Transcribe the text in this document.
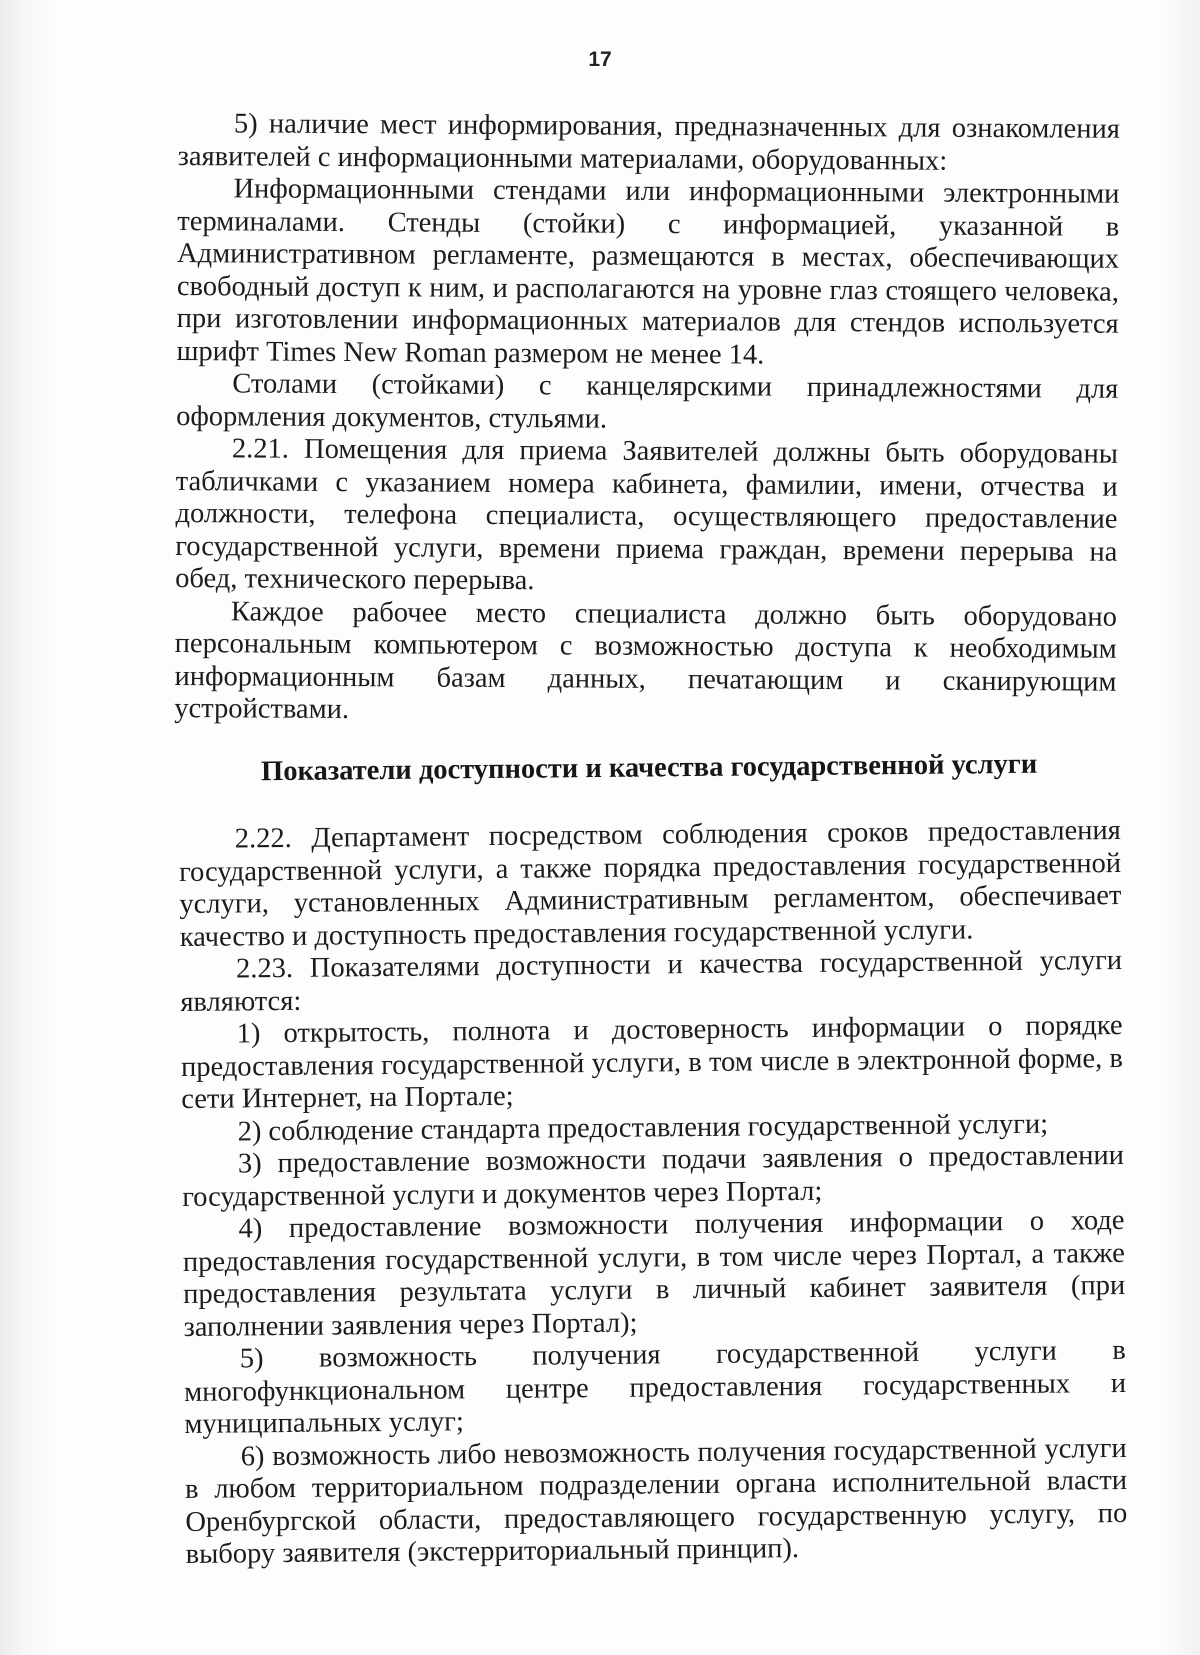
17

5) наличие мест информирования, предназначенных для ознакомления заявителей с информационными материалами, оборудованных:

Информационными стендами или информационными электронными терминалами. Стенды (стойки) с информацией, указанной в Административном регламенте, размещаются в местах, обеспечивающих свободный доступ к ним, и располагаются на уровне глаз стоящего человека, при изготовлении информационных материалов для стендов используется шрифт Times New Roman размером не менее 14.

Столами (стойками) с канцелярскими принадлежностями для оформления документов, стульями.

2.21. Помещения для приема Заявителей должны быть оборудованы табличками с указанием номера кабинета, фамилии, имени, отчества и должности, телефона специалиста, осуществляющего предоставление государственной услуги, времени приема граждан, времени перерыва на обед, технического перерыва.

Каждое рабочее место специалиста должно быть оборудовано персональным компьютером с возможностью доступа к необходимым информационным базам данных, печатающим и сканирующим устройствами.

Показатели доступности и качества государственной услуги

2.22. Департамент посредством соблюдения сроков предоставления государственной услуги, а также порядка предоставления государственной услуги, установленных Административным регламентом, обеспечивает качество и доступность предоставления государственной услуги.

2.23. Показателями доступности и качества государственной услуги являются:

1) открытость, полнота и достоверность информации о порядке предоставления государственной услуги, в том числе в электронной форме, в сети Интернет, на Портале;

2) соблюдение стандарта предоставления государственной услуги;

3) предоставление возможности подачи заявления о предоставлении государственной услуги и документов через Портал;

4) предоставление возможности получения информации о ходе предоставления государственной услуги, в том числе через Портал, а также предоставления результата услуги в личный кабинет заявителя (при заполнении заявления через Портал);

5) возможность получения государственной услуги в многофункциональном центре предоставления государственных и муниципальных услуг;

6) возможность либо невозможность получения государственной услуги в любом территориальном подразделении органа исполнительной власти Оренбургской области, предоставляющего государственную услугу, по выбору заявителя (экстерриториальный принцип).
